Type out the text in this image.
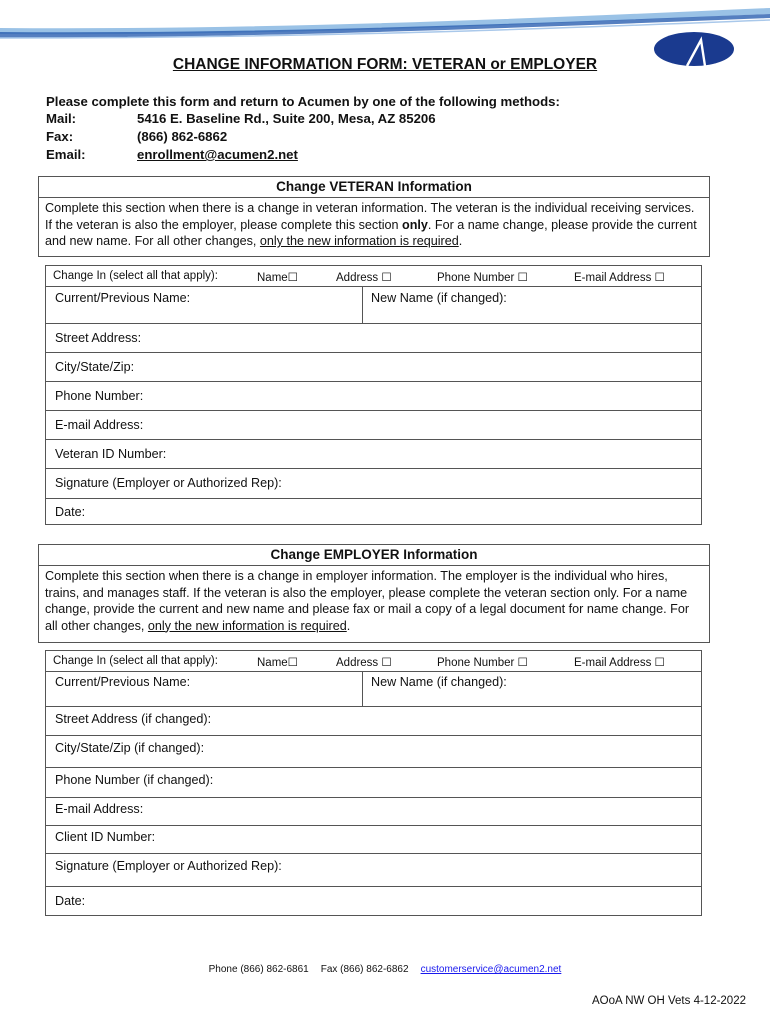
CHANGE INFORMATION FORM: VETERAN or EMPLOYER
Please complete this form and return to Acumen by one of the following methods:
Mail:	5416 E. Baseline Rd., Suite 200, Mesa, AZ 85206
Fax:	(866) 862-6862
Email:	enrollment@acumen2.net
Change VETERAN Information
Complete this section when there is a change in veteran information. The veteran is the individual receiving services. If the veteran is also the employer, please complete this section only. For a name change, please provide the current and new name. For all other changes, only the new information is required.
Change In (select all that apply):	Name☐	Address ☐	Phone Number ☐	E-mail Address ☐
Current/Previous Name:	New Name (if changed):
Street Address:
City/State/Zip:
Phone Number:
E-mail Address:
Veteran ID Number:
Signature (Employer or Authorized Rep):
Date:
Change EMPLOYER Information
Complete this section when there is a change in employer information. The employer is the individual who hires, trains, and manages staff. If the veteran is also the employer, please complete the veteran section only. For a name change, provide the current and new name and please fax or mail a copy of a legal document for name change. For all other changes, only the new information is required.
Change In (select all that apply):	Name☐	Address ☐	Phone Number ☐	E-mail Address ☐
Current/Previous Name:	New Name (if changed):
Street Address (if changed):
City/State/Zip (if changed):
Phone Number (if changed):
E-mail Address:
Client ID Number:
Signature (Employer or Authorized Rep):
Date:
Phone (866) 862-6861 Fax (866) 862-6862 customerservice@acumen2.net
AOoA NW OH Vets 4-12-2022
